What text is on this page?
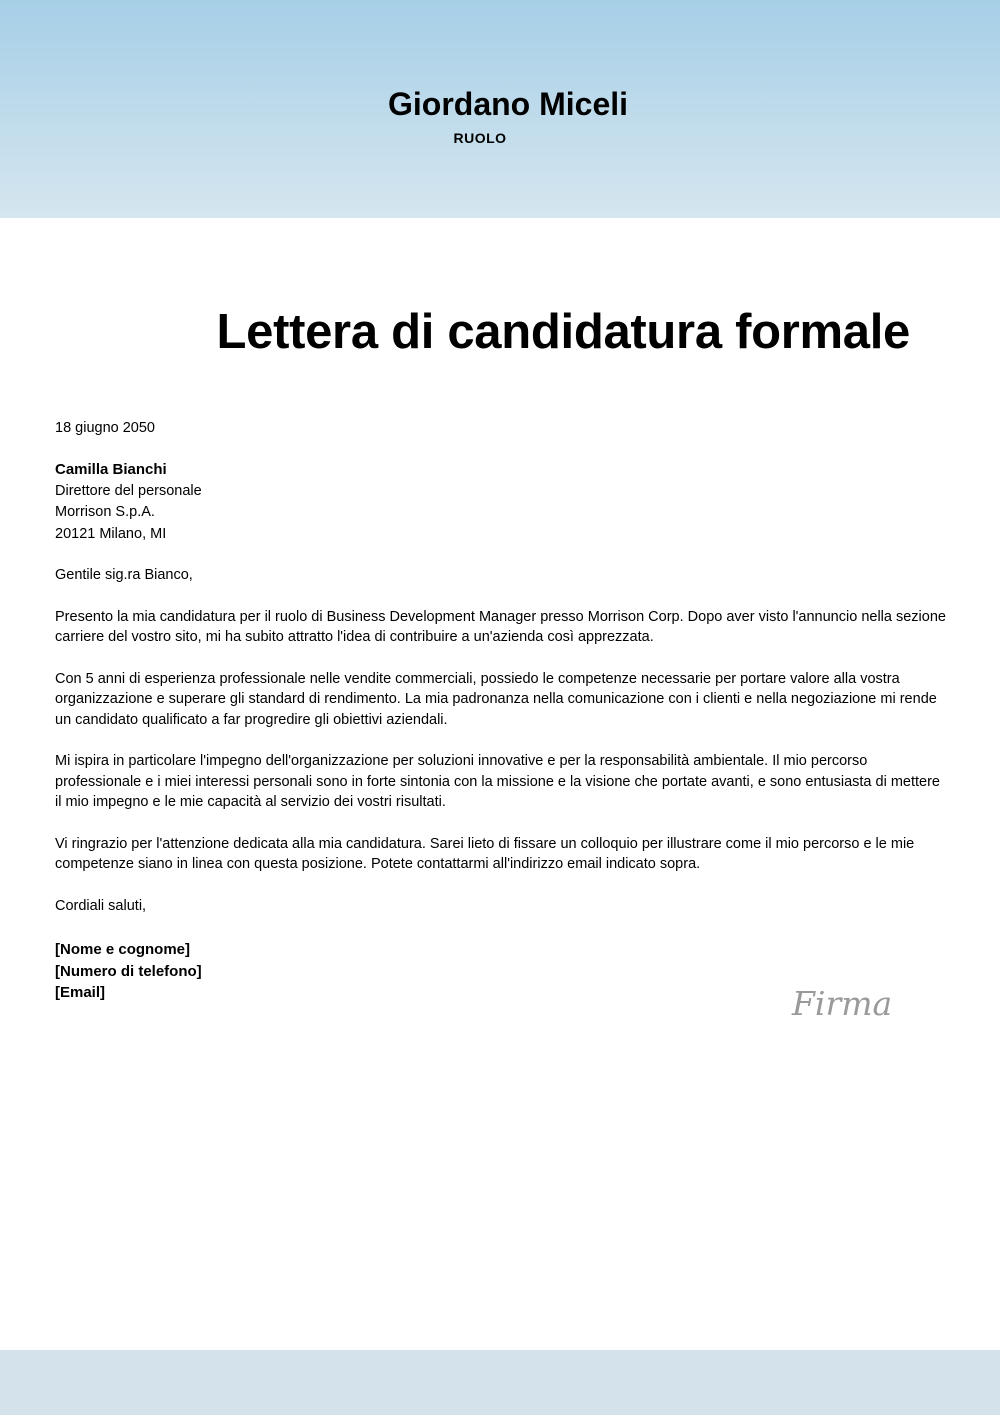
Giordano Miceli
RUOLO
Lettera di candidatura formale

18 giugno 2050

Camilla Bianchi
Direttore del personale
Morrison S.p.A.
20121 Milano, MI

Gentile sig.ra Bianco,

Presento la mia candidatura per il ruolo di Business Development Manager presso Morrison Corp. Dopo aver visto l'annuncio nella sezione carriere del vostro sito, mi ha subito attratto l'idea di contribuire a un'azienda così apprezzata.

Con 5 anni di esperienza professionale nelle vendite commerciali, possiedo le competenze necessarie per portare valore alla vostra organizzazione e superare gli standard di rendimento. La mia padronanza nella comunicazione con i clienti e nella negoziazione mi rende un candidato qualificato a far progredire gli obiettivi aziendali.

Mi ispira in particolare l'impegno dell'organizzazione per soluzioni innovative e per la responsabilità ambientale. Il mio percorso professionale e i miei interessi personali sono in forte sintonia con la missione e la visione che portate avanti, e sono entusiasta di mettere il mio impegno e le mie capacità al servizio dei vostri risultati.

Vi ringrazio per l'attenzione dedicata alla mia candidatura. Sarei lieto di fissare un colloquio per illustrare come il mio percorso e le mie competenze siano in linea con questa posizione. Potete contattarmi all'indirizzo email indicato sopra.

Cordiali saluti,

[Nome e cognome]
[Numero di telefono]
[Email]	Firma
